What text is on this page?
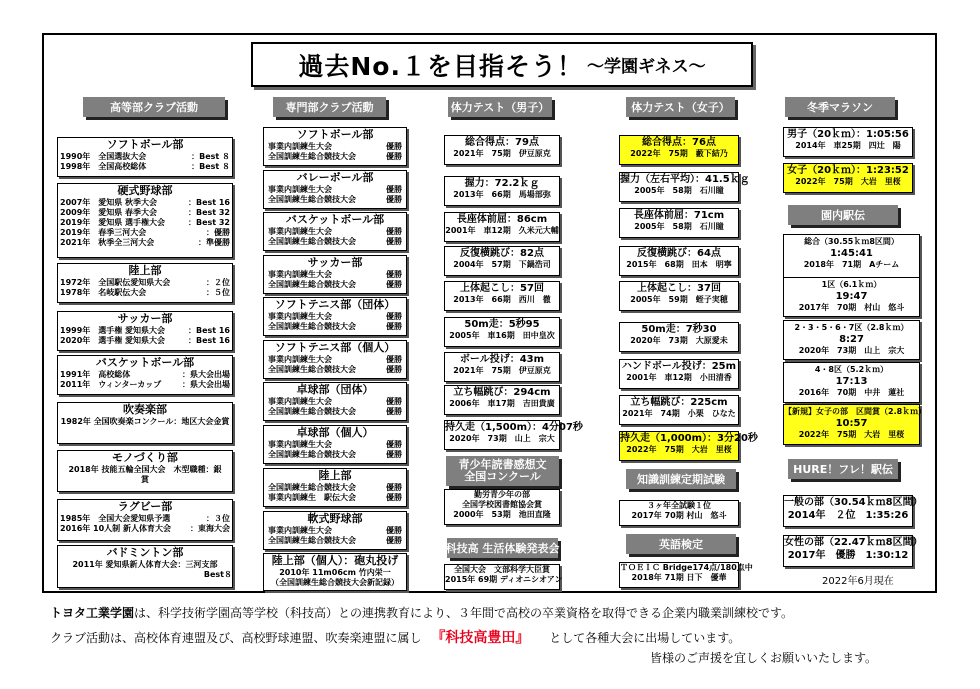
過去No.１を目指そう！ 〜学園ギネス〜
高等部クラブ活動
ソフトボール部
1990年　全国選抜大会	：Best ８
1998年　全国高校総体	：Best ８
硬式野球部
2007年　愛知県 秋季大会	：Best 16
2009年　愛知県 春季大会	：Best 32
2019年　愛知県 選手権大会	：Best 32
2019年　春季三河大会	：優勝
2021年　秋季全三河大会	：準優勝
陸上部
1972年　全国駅伝愛知県大会	：２位
1978年　名岐駅伝大会	：５位
サッカー部
1999年　選手権 愛知県大会	：Best 16
2020年　選手権 愛知県大会	：Best 16
バスケットボール部
1991年　高校総体	：県大会出場
2011年　ウィンターカップ	：県大会出場
吹奏楽部
1982年 全国吹奏楽コンクール：地区大会金賞
モノづくり部
2018年 技能五輪全国大会　木型職種：銀
賞
ラグビー部
1985年　全国大会愛知県予選	：３位
2016年 10人制 新人体育大会 ：東海大会
バドミントン部
2011年 愛知県新人体育大会：三河支部
Best８
専門部クラブ活動
ソフトボール部
事業内訓練生大会	優勝
全国訓練生総合競技大会	優勝
バレーボール部
事業内訓練生大会	優勝
全国訓練生総合競技大会	優勝
バスケットボール部
事業内訓練生大会	優勝
全国訓練生総合競技大会	優勝
サッカー部
事業内訓練生大会	優勝
全国訓練生総合競技大会	優勝
ソフトテニス部（団体）
事業内訓練生大会	優勝
全国訓練生総合競技大会	優勝
ソフトテニス部（個人）
事業内訓練生大会	優勝
全国訓練生総合競技大会	優勝
卓球部（団体）
事業内訓練生大会	優勝
全国訓練生総合競技大会	優勝
卓球部（個人）
事業内訓練生大会	優勝
全国訓練生総合競技大会	優勝
陸上部
全国訓練生総合競技大会	優勝
事業内訓練生　駅伝大会	優勝
軟式野球部
事業内訓練生大会	優勝
全国訓練生総合競技大会	優勝
陸上部（個人）：砲丸投げ
2010年 11m06cm 竹内栄一
（全国訓練生総合競技大会新記録）
体力テスト（男子）
総合得点：79点
2021年　75期　伊豆原克
握力：72.2ｋｇ
2013年　66期　馬場部弥
長座体前屈：86cm
2001年　車12期　久米元大輔
反復横跳び：82点
2004年　57期　下鍋浩司
上体起こし：57回
2013年　66期　西川　徹
50m走：5秒95
2005年　車16期　田中皇次
ボール投げ：43m
2021年　75期　伊豆原克
立ち幅跳び：294cm
2006年　車17期　吉田貴廣
持久走（1,500m）：4分07秒
2020年　73期　山上　宗大
青少年読書感想文
全国コンクール
勤労青少年の部
全国学校図書館協会賞
2000年　53期　池田直隆
科技高 生活体験発表会
全国大会　文部科学大臣賞
2015年 69期 ディオニシオアン
体力テスト（女子）
総合得点：76点
2022年　75期　藪下結乃
握力（左右平均）：41.5ｋｇ
2005年　58期　石川瞳
長座体前屈：71cm
2005年　58期　石川瞳
反復横跳び：64点
2015年　68期　田本　明寧
上体起こし：37回
2005年　59期　蛭子実穂
50m走：7秒30
2020年　73期　大原愛未
ハンドボール投げ：25m
2001年　車12期　小田清香
立ち幅跳び：225cm
2021年　74期　小栗　ひなた
持久走（1,000m）：3分20秒
2022年　75期　大岩　里桜
知識訓練定期試験
３ヶ年全試験１位
2017年 70期 村山　悠斗
英語検定
ＴＯＥＩＣ Bridge174点/180点中
2018年 71期 日下　優華
冬季マラソン
男子（20ｋｍ）：1:05:56
2014年　車25期　四辻　陽
女子（20ｋｍ）：1:23:52
2022年　75期　大岩　里桜
園内駅伝
総合（30.55ｋｍ8区間）
1:45:41
2018年　71期　Aチーム
1区（6.1ｋｍ）
19:47
2017年　70期　村山　悠斗
2・3・5・6・7区（2.8ｋｍ）
8:27
2020年　73期　山上　宗大
4・8区（5.2ｋｍ）
17:13
2016年　70期　中井　蓮社
【新規】女子の部　区間賞（2.8ｋｍ）
10:57
2022年　75期　大岩　里桜
HURE！フレ！駅伝
一般の部（30.54ｋｍ8区間）
2014年　２位　1:35:26
女性の部（22.47ｋｍ8区間）
2017年　優勝　1:30:12
2022年6月現在
トヨタ工業学園は、科学技術学園高等学校（科技高）との連携教育により、３年間で高校の卒業資格を取得できる企業内職業訓練校です。
クラブ活動は、高校体育連盟及び、高校野球連盟、吹奏楽連盟に属し 『科技高豊田』 として各種大会に出場しています。
皆様のご声援を宜しくお願いいたします。
